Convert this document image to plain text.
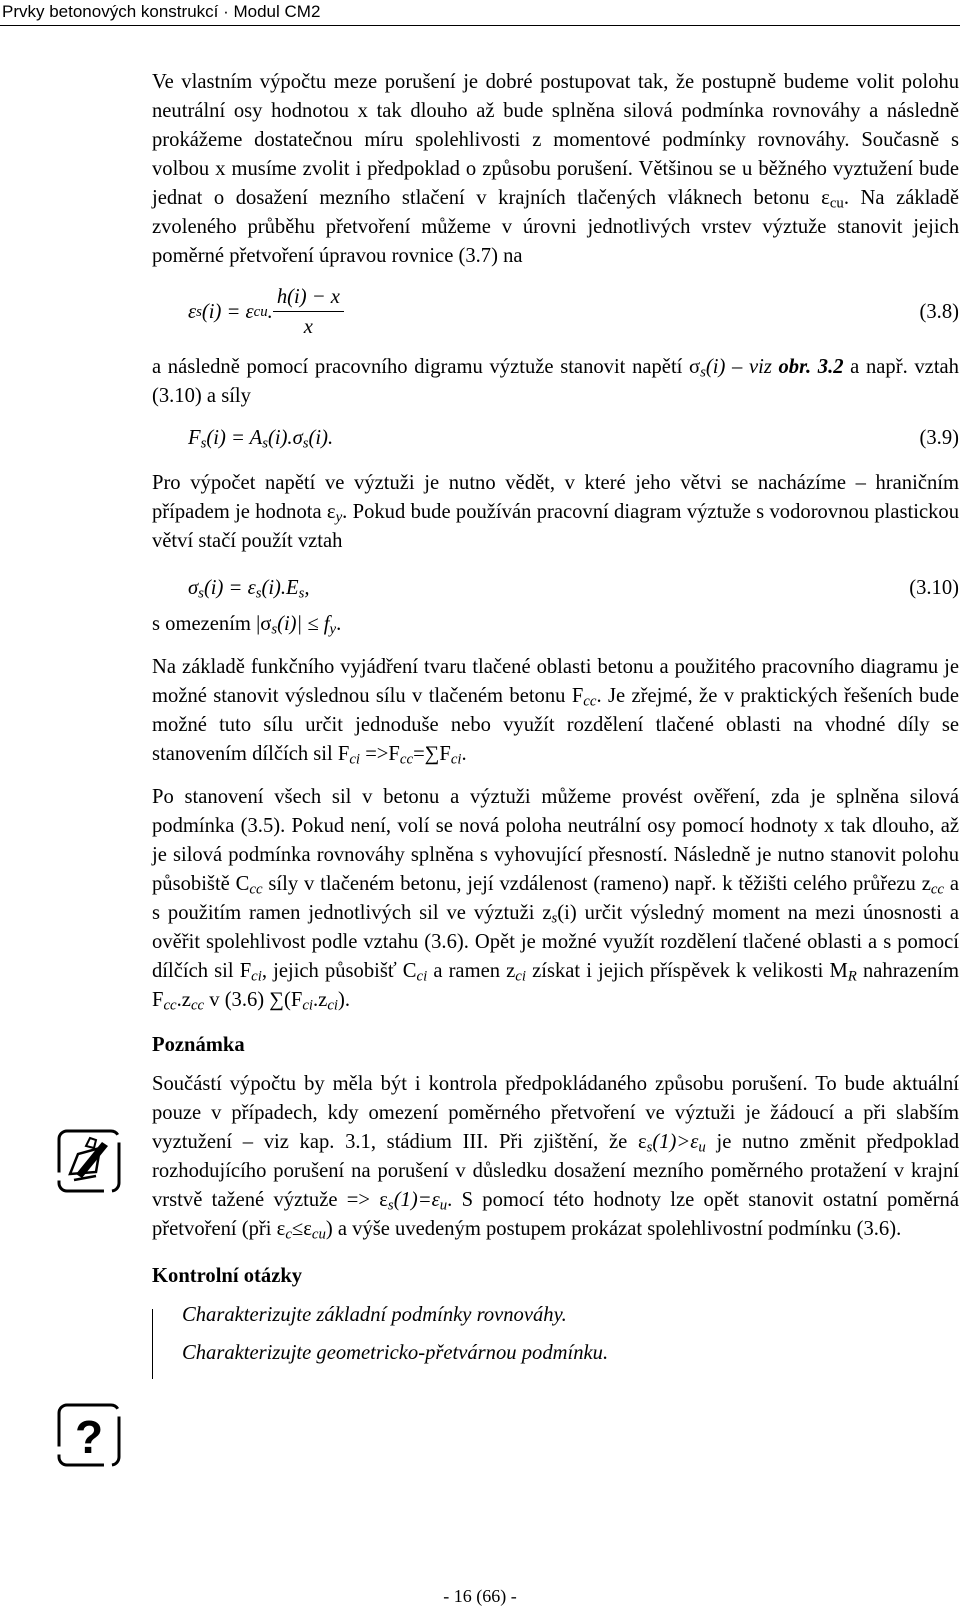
Prvky betonových konstrukcí · Modul CM2

Ve vlastním výpočtu meze porušení je dobré postupovat tak, že postupně budeme volit polohu neutrální osy hodnotou x tak dlouho až bude splněna silová podmínka rovnováhy a následně prokážeme dostatečnou míru spolehlivosti z momentové podmínky rovnováhy. Současně s volbou x musíme zvolit i předpoklad o způsobu porušení. Většinou se u běžného vyztužení bude jednat o dosažení mezního stlačení v krajních tlačených vláknech betonu $\varepsilon_{cu}$. Na základě zvoleného průběhu přetvoření můžeme v úrovni jednotlivých vrstev výztuže stanovit jejich poměrné přetvoření úpravou rovnice (3.7) na

ε s (i) = ε cu . $\frac{h(i) - x}{x}$	(3.8)

a následně pomocí pracovního digramu výztuže stanovit napětí $\sigma_s(i)$ – viz obr. 3.2 a např. vztah (3.10) a síly

$F_s(i) = A_s(i).\sigma_s(i)$.	(3.9)

Pro výpočet napětí ve výztuži je nutno vědět, v které jeho větvi se nacházíme – hraničním případem je hodnota $\varepsilon_y$. Pokud bude používán pracovní diagram výztuže s vodorovnou plastickou větví stačí použít vztah

$\sigma_s(i) = \varepsilon_s(i).E_s$,	(3.10)

s omezením $|\sigma_s(i)| \le f_y$.

Na základě funkčního vyjádření tvaru tlačené oblasti betonu a použitého pracovního diagramu je možné stanovit výslednou sílu v tlačeném betonu $F_{cc}$. Je zřejmé, že v praktických řešeních bude možné tuto sílu určit jednoduše nebo využít rozdělení tlačené oblasti na vhodné díly se stanovením dílčích sil $F_{ci} =>F_{cc}=\sum F_{ci}$.

Po stanovení všech sil v betonu a výztuži můžeme provést ověření, zda je splněna silová podmínka (3.5). Pokud není, volí se nová poloha neutrální osy pomocí hodnoty x tak dlouho, až je silová podmínka rovnováhy splněna s vyhovující přesností. Následně je nutno stanovit polohu působiště $C_{cc}$ síly v tlačeném betonu, její vzdálenost (rameno) např. k těžišti celého průřezu $z_{cc}$ a s použitím ramen jednotlivých sil ve výztuži $z_s(i)$ určit výsledný moment na mezi únosnosti a ověřit spolehlivost podle vztahu (3.6). Opět je možné využít rozdělení tlačené oblasti a s pomocí dílčích sil $F_{ci}$, jejich působišť $C_{ci}$ a ramen $z_{ci}$ získat i jejich příspěvek k velikosti $M_R$ nahrazením $F_{cc}.z_{cc}$ v (3.6) $\sum(F_{ci}.z_{ci})$.

Poznámka

Součástí výpočtu by měla být i kontrola předpokládaného způsobu porušení. To bude aktuální pouze v případech, kdy omezení poměrného přetvoření ve výztuži je žádoucí a při slabším vyztužení – viz kap. 3.1, stádium III. Při zjištění, že $\varepsilon_s(1)>\varepsilon_u$ je nutno změnit předpoklad rozhodujícího porušení na porušení v důsledku dosažení mezního poměrného protažení v krajní vrstvě tažené výztuže => $\varepsilon_s(1)=\varepsilon_u$. S pomocí této hodnoty lze opět stanovit ostatní poměrná přetvoření (při $\varepsilon_c\le\varepsilon_{cu}$) a výše uvedeným postupem prokázat spolehlivostní podmínku (3.6).

Kontrolní otázky
Charakterizujte základní podmínky rovnováhy.
Charakterizujte geometricko-přetvárnou podmínku.
?
- 16 (66) -
